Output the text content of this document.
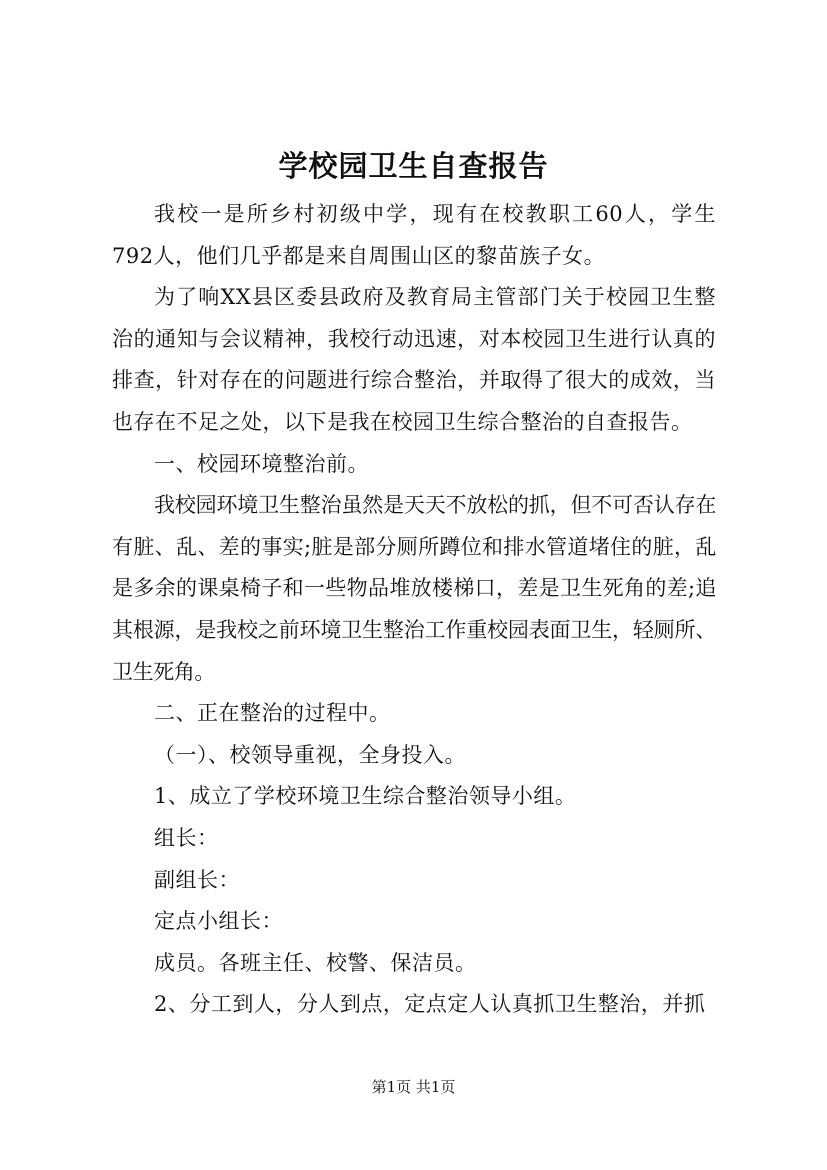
学校园卫生自查报告

我校一是所乡村初级中学，现有在校教职工60人，学生792人，他们几乎都是来自周围山区的黎苗族子女。

为了响XX县区委县政府及教育局主管部门关于校园卫生整治的通知与会议精神，我校行动迅速，对本校园卫生进行认真的排查，针对存在的问题进行综合整治，并取得了很大的成效，当也存在不足之处，以下是我在校园卫生综合整治的自查报告。

一、校园环境整治前。

我校园环境卫生整治虽然是天天不放松的抓，但不可否认存在有脏、乱、差的事实;脏是部分厕所蹲位和排水管道堵住的脏，乱是多余的课桌椅子和一些物品堆放楼梯口，差是卫生死角的差;追其根源，是我校之前环境卫生整治工作重校园表面卫生，轻厕所、卫生死角。

二、正在整治的过程中。

（一）、校领导重视，全身投入。

1、成立了学校环境卫生综合整治领导小组。

组长：

副组长：

定点小组长：

成员。各班主任、校警、保洁员。

2、分工到人，分人到点，定点定人认真抓卫生整治，并抓

第1页 共1页
